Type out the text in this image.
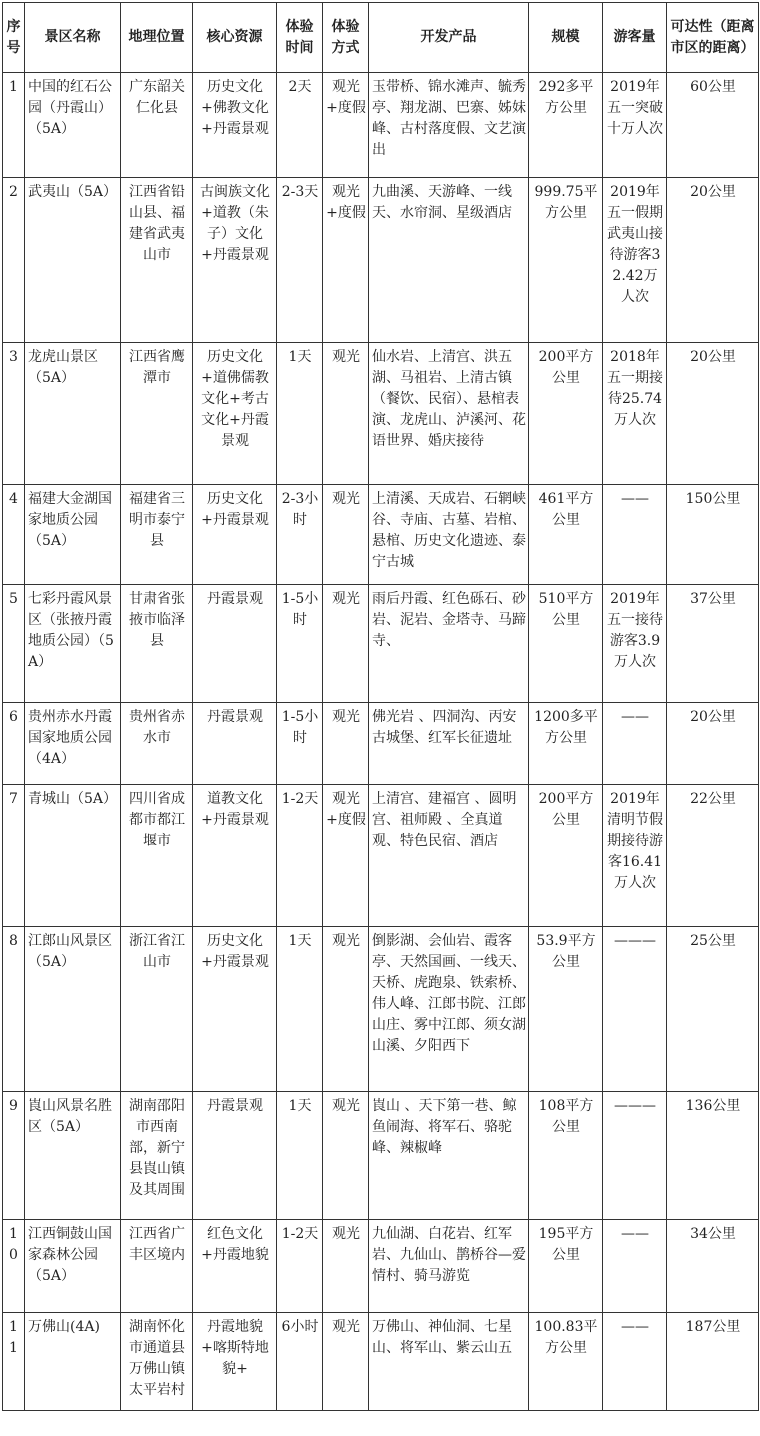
序号	景区名称	地理位置	核心资源	体验时间	体验方式	开发产品	规模	游客量	可达性（距离市区的距离）
1	中国的红石公园（丹霞山）（5A）	广东韶关仁化县	历史文化+佛教文化+丹霞景观	2天	观光+度假	玉带桥、锦水滩声、毓秀亭、翔龙湖、巴寨、姊妹峰、古村落度假、文艺演出	292多平方公里	2019年五一突破十万人次	60公里
2	武夷山（5A）	江西省铅山县、福建省武夷山市	古闽族文化+道教（朱子）文化+丹霞景观	2-3天	观光+度假	九曲溪、天游峰、一线天、水帘洞、星级酒店	999.75平方公里	2019年五一假期武夷山接待游客32.42万人次	20公里
3	龙虎山景区（5A）	江西省鹰潭市	历史文化+道佛儒教文化+考古文化+丹霞景观	1天	观光	仙水岩、上清宫、洪五湖、马祖岩、上清古镇（餐饮、民宿）、悬棺表演、龙虎山、泸溪河、花语世界、婚庆接待	200平方公里	2018年五一期接待25.74万人次	20公里
4	福建大金湖国家地质公园（5A）	福建省三明市泰宁县	历史文化+丹霞景观	2-3小时	观光	上清溪、天成岩、石辋峡谷、寺庙、古墓、岩棺、悬棺、历史文化遗迹、泰宁古城	461平方公里	——	150公里
5	七彩丹霞风景区（张掖丹霞地质公园）（5A）	甘肃省张掖市临泽县	丹霞景观	1-5小时	观光	雨后丹霞、红色砾石、砂岩、泥岩、金塔寺、马蹄寺、	510平方公里	2019年五一接待游客3.9万人次	37公里
6	贵州赤水丹霞国家地质公园（4A）	贵州省赤水市	丹霞景观	1-5小时	观光	佛光岩 、四洞沟、丙安古城堡、红军长征遗址	1200多平方公里	——	20公里
7	青城山（5A）	四川省成都市都江堰市	道教文化+丹霞景观	1-2天	观光+度假	上清宫、建福宫 、圆明宫、祖师殿 、全真道观、特色民宿、酒店	200平方公里	2019年清明节假期接待游客16.41万人次	22公里
8	江郎山风景区（5A）	浙江省江山市	历史文化+丹霞景观	1天	观光	倒影湖、会仙岩、霞客亭、天然国画、一线天、天桥、虎跑泉、铁索桥、伟人峰、江郎书院、江郎山庄、雾中江郎、须女湖山溪、夕阳西下	53.9平方公里	———	25公里
9	崀山风景名胜区（5A）	湖南邵阳市西南部，新宁县崀山镇及其周围	丹霞景观	1天	观光	崀山 、天下第一巷、鲸鱼闹海、将军石、骆驼峰、辣椒峰	108平方公里	———	136公里
10	江西铜鼓山国家森林公园（5A）	江西省广丰区境内	红色文化+丹霞地貌	1-2天	观光	九仙湖、白花岩、红军岩、九仙山、鹊桥谷—爱情村、骑马游览	195平方公里	——	34公里
11	万佛山(4A)	湖南怀化市通道县万佛山镇太平岩村	丹霞地貌+喀斯特地貌+	6小时	观光	万佛山、神仙洞、七星山、将军山、紫云山五	100.83平方公里	——	187公里
